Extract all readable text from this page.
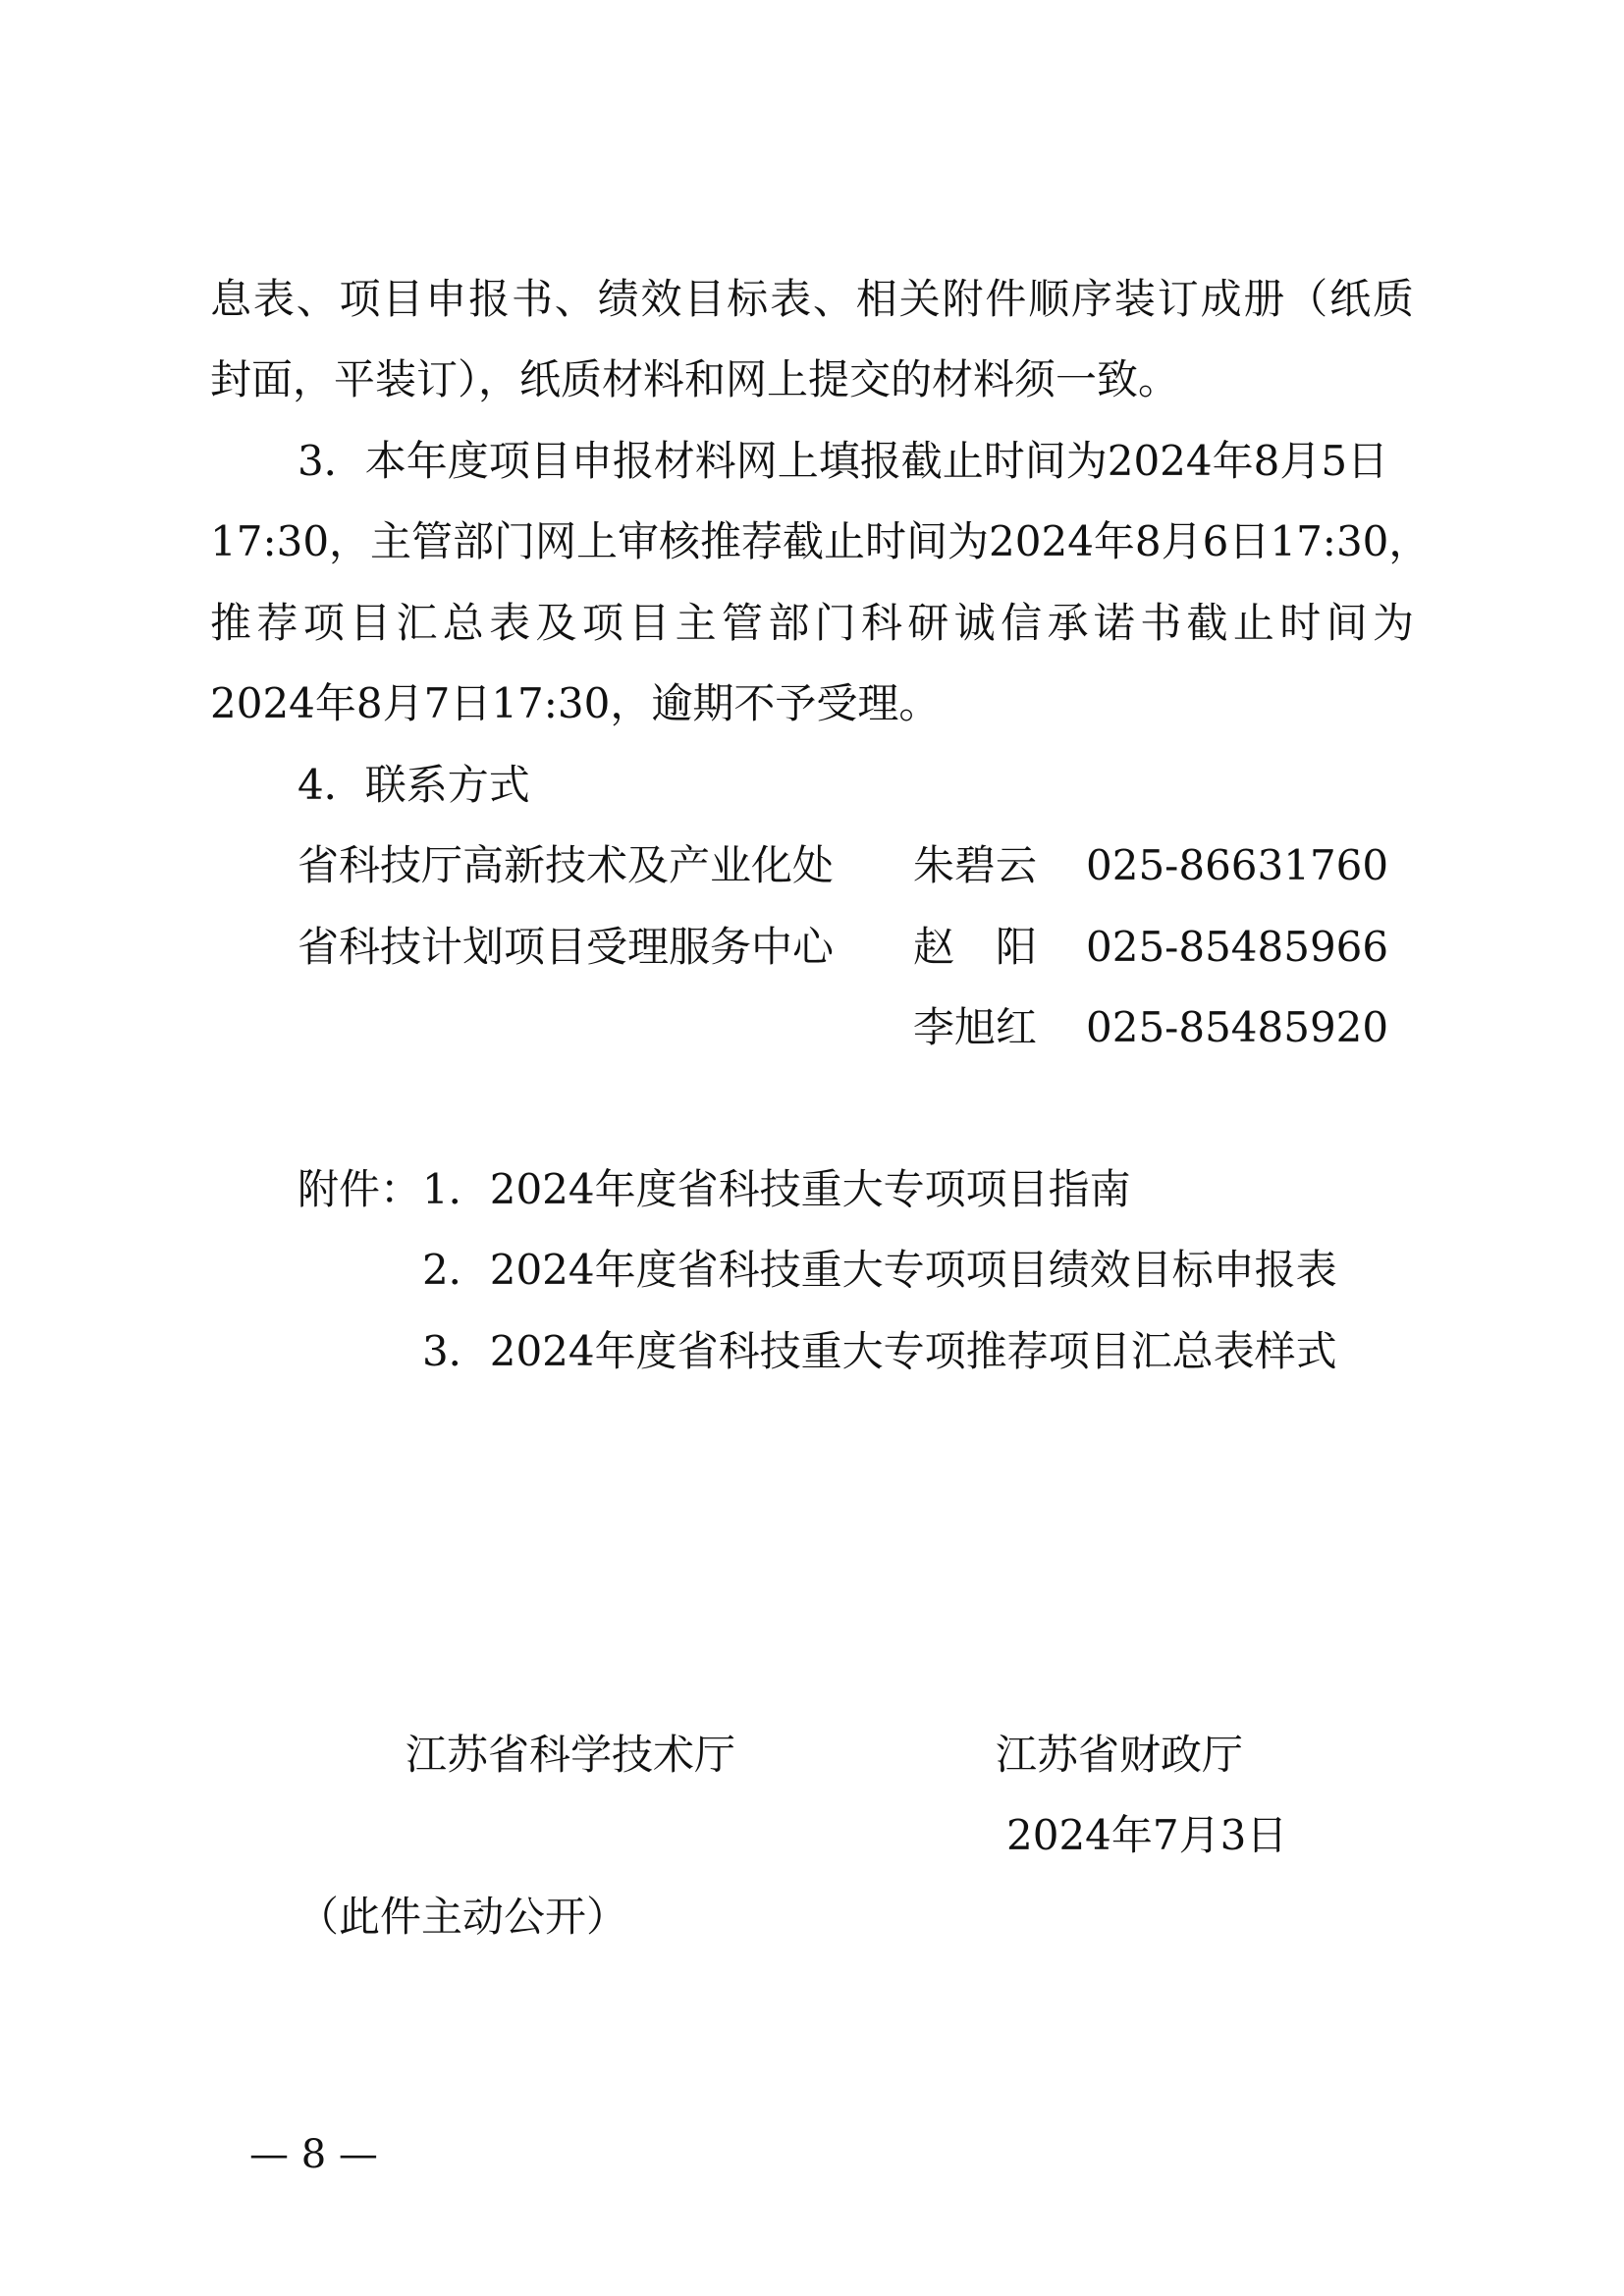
息表、项目申报书、绩效目标表、相关附件顺序装订成册（纸质

封面，平装订），纸质材料和网上提交的材料须一致。

3．本年度项目申报材料网上填报截止时间为2024年8月5日

17:30，主管部门网上审核推荐截止时间为2024年8月6日17:30，

推荐项目汇总表及项目主管部门科研诚信承诺书截止时间为

2024年8月7日17:30，逾期不予受理。

4．联系方式

省科技厅高新技术及产业化处 朱碧云 025-86631760
省科技计划项目受理服务中心 赵　阳 025-85485966
李旭红 025-85485920
附件： 1．2024年度省科技重大专项项目指南
2．2024年度省科技重大专项项目绩效目标申报表
3．2024年度省科技重大专项推荐项目汇总表样式
江苏省科学技术厅	江苏省财政厅
2024年7月3日
（此件主动公开）
— 8 —
